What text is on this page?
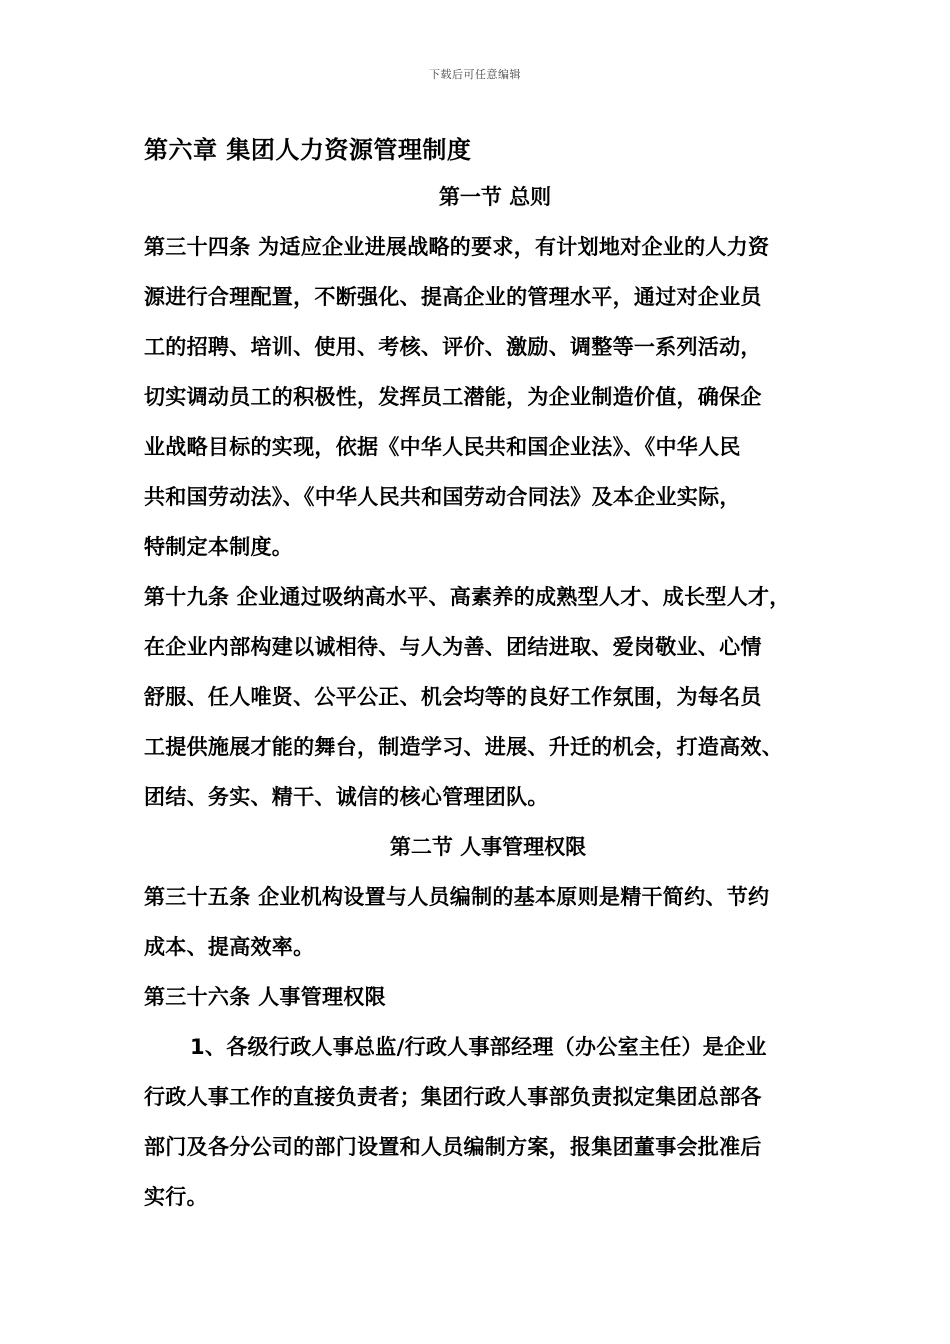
下载后可任意编辑
第六章 集团人力资源管理制度
第一节 总则
第三十四条 为适应企业进展战略的要求，有计划地对企业的人力资
源进行合理配置，不断强化、提高企业的管理水平，通过对企业员
工的招聘、培训、使用、考核、评价、激励、调整等一系列活动，
切实调动员工的积极性，发挥员工潜能，为企业制造价值，确保企
业战略目标的实现，依据《中华人民共和国企业法》、《中华人民
共和国劳动法》、《中华人民共和国劳动合同法》及本企业实际，
特制定本制度。
第十九条 企业通过吸纳高水平、高素养的成熟型人才、成长型人才，
在企业内部构建以诚相待、与人为善、团结进取、爱岗敬业、心情
舒服、任人唯贤、公平公正、机会均等的良好工作氛围，为每名员
工提供施展才能的舞台，制造学习、进展、升迁的机会，打造高效、
团结、务实、精干、诚信的核心管理团队。
第二节 人事管理权限
第三十五条 企业机构设置与人员编制的基本原则是精干简约、节约
成本、提高效率。
第三十六条 人事管理权限
1、各级行政人事总监/行政人事部经理（办公室主任）是企业
行政人事工作的直接负责者；集团行政人事部负责拟定集团总部各
部门及各分公司的部门设置和人员编制方案，报集团董事会批准后
实行。
